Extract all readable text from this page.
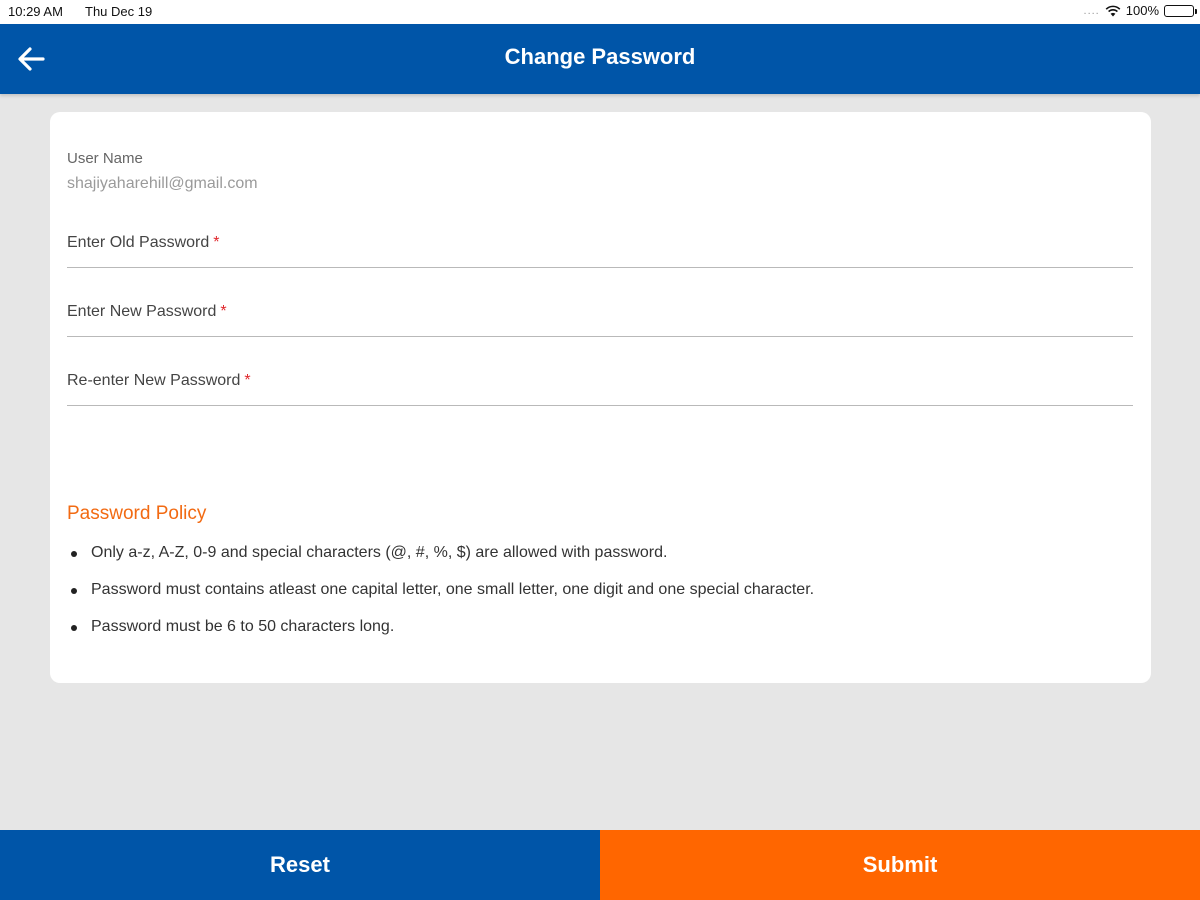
10:29 AM Thu Dec 19	.... 100%
Change Password
User Name
shajiyaharehill@gmail.com
Enter Old Password *
Enter New Password *
Re-enter New Password *
Password Policy
Only a-z, A-Z, 0-9 and special characters (@, #, %, $) are allowed with password.
Password must contains atleast one capital letter, one small letter, one digit and one special character.
Password must be 6 to 50 characters long.
Reset	Submit
